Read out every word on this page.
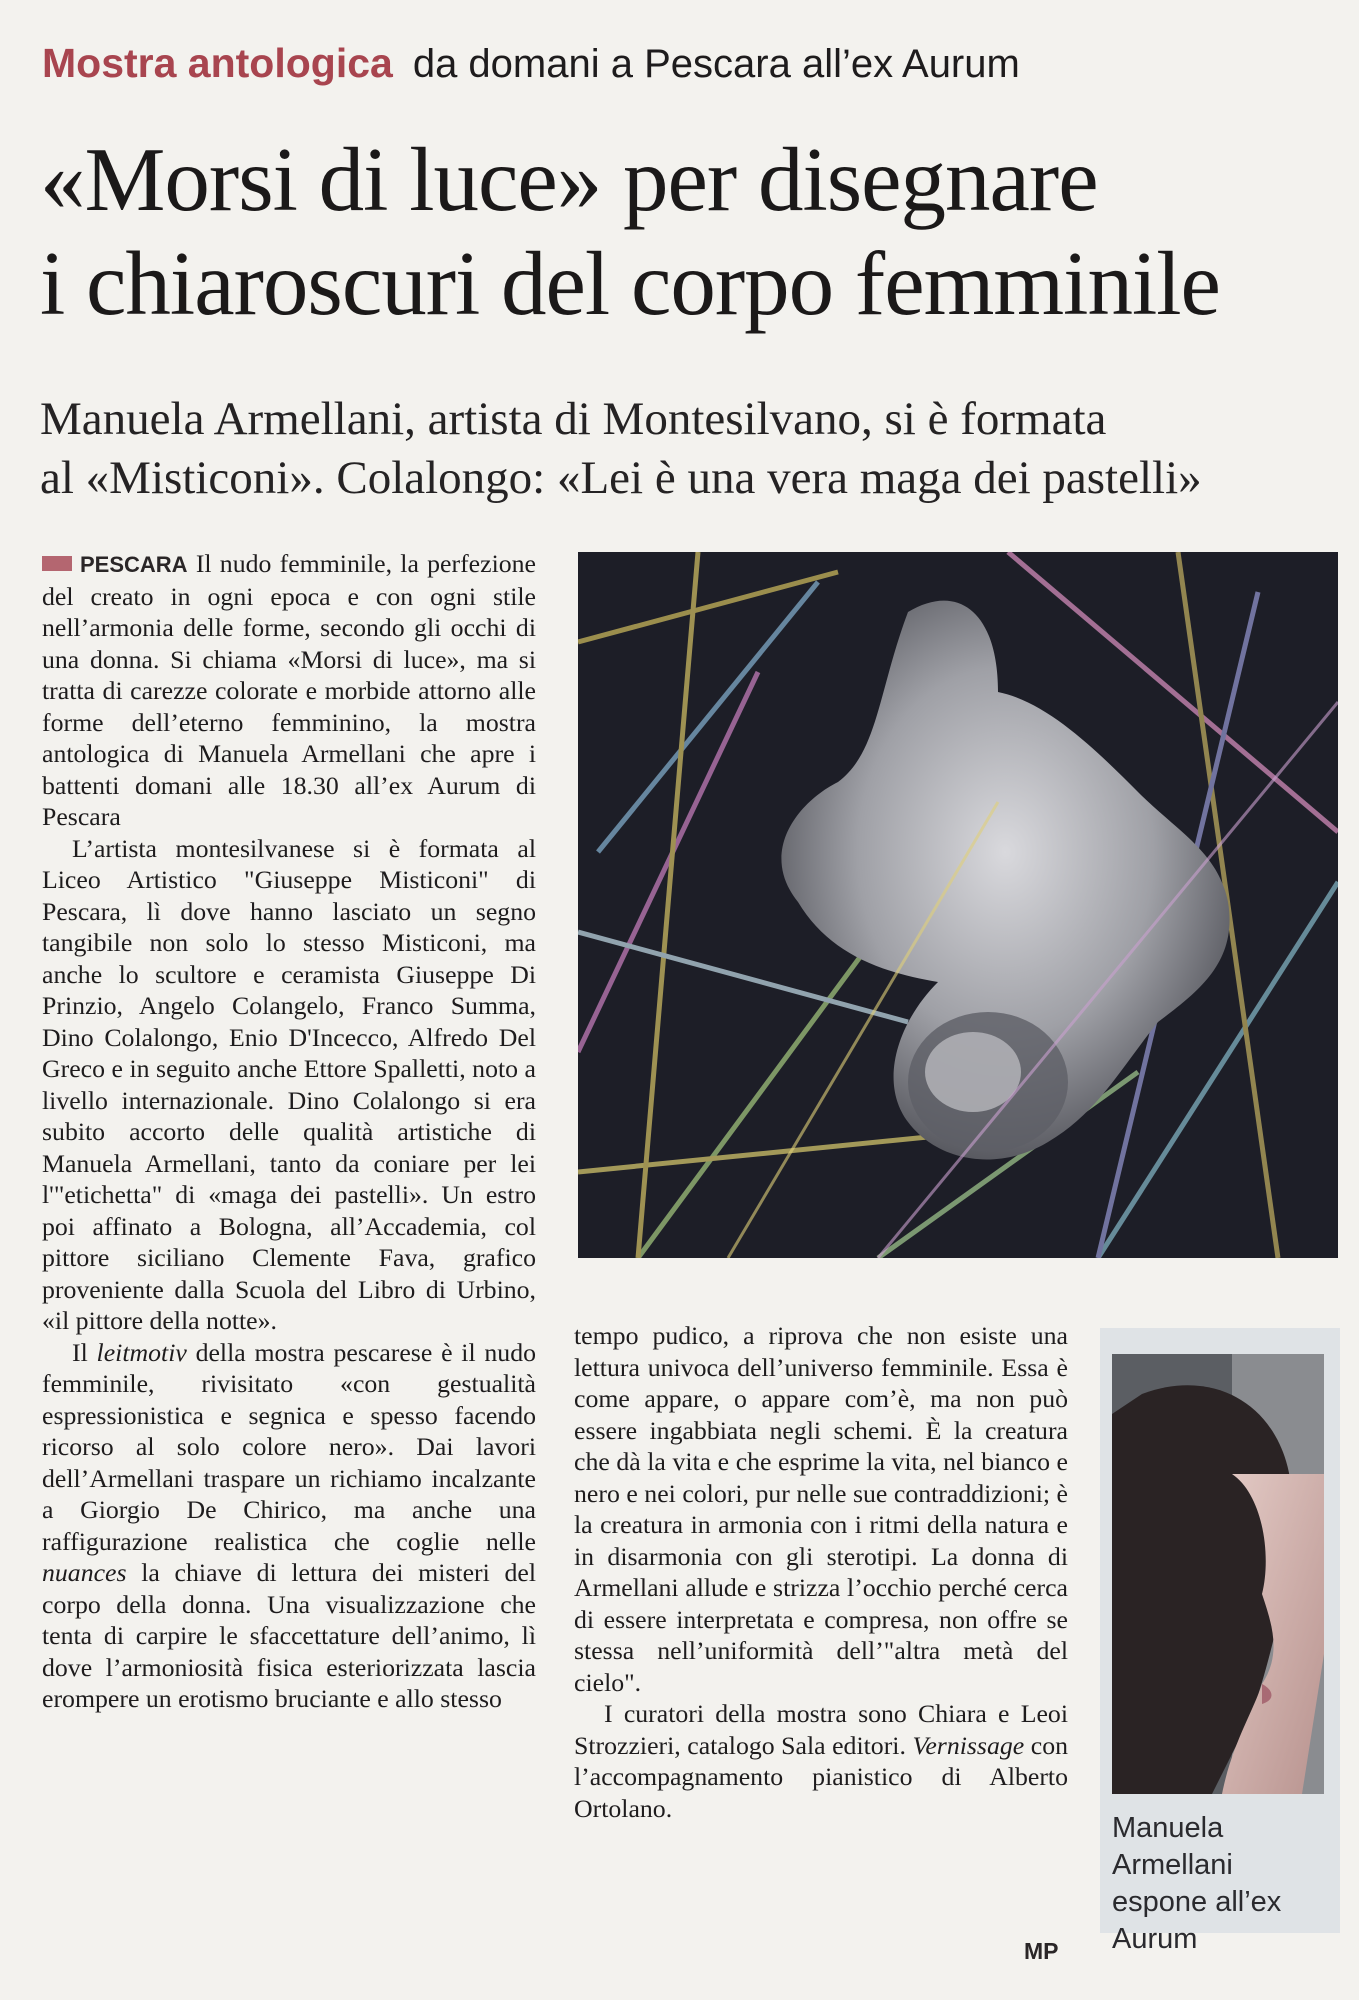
Mostra antologica da domani a Pescara all’ex Aurum
«Morsi di luce» per disegnare
i chiaroscuri del corpo femminile
Manuela Armellani, artista di Montesilvano, si è formata
al «Misticoni». Colalongo: «Lei è una vera maga dei pastelli»

PESCARA Il nudo femminile, la perfezione del creato in ogni epoca e con ogni stile nell’armonia delle forme, secondo gli occhi di una donna. Si chiama «Morsi di luce», ma si tratta di carezze colorate e morbide attorno alle forme dell’eterno femminino, la mostra antologica di Manuela Armellani che apre i battenti domani alle 18.30 all’ex Aurum di Pescara

L’artista montesilvanese si è formata al Liceo Artistico "Giuseppe Misticoni" di Pescara, lì dove hanno lasciato un segno tangibile non solo lo stesso Misticoni, ma anche lo scultore e ceramista Giuseppe Di Prinzio, Angelo Colangelo, Franco Summa, Dino Colalongo, Enio D'Incecco, Alfredo Del Greco e in seguito anche Ettore Spalletti, noto a livello internazionale. Dino Colalongo si era subito accorto delle qualità artistiche di Manuela Armellani, tanto da coniare per lei l'"etichetta" di «maga dei pastelli». Un estro poi affinato a Bologna, all’Accademia, col pittore siciliano Clemente Fava, grafico proveniente dalla Scuola del Libro di Urbino, «il pittore della notte».

Il leitmotiv della mostra pescarese è il nudo femminile, rivisitato «con gestualità espressionistica e segnica e spesso facendo ricorso al solo colore nero». Dai lavori dell’Armellani traspare un richiamo incalzante a Giorgio De Chirico, ma anche una raffigurazione realistica che coglie nelle nuances la chiave di lettura dei misteri del corpo della donna. Una visualizzazione che tenta di carpire le sfaccettature dell’animo, lì dove l’armoniosità fisica esteriorizzata lascia erompere un erotismo bruciante e allo stesso

tempo pudico, a riprova che non esiste una lettura univoca dell’universo femminile. Essa è come appare, o appare com’è, ma non può essere ingabbiata negli schemi. È la creatura che dà la vita e che esprime la vita, nel bianco e nero e nei colori, pur nelle sue contraddizioni; è la creatura in armonia con i ritmi della natura e in disarmonia con gli sterotipi. La donna di Armellani allude e strizza l’occhio perché cerca di essere interpretata e compresa, non offre se stessa nell’uniformità dell’"altra metà del cielo".

I curatori della mostra sono Chiara e Leoi Strozzieri, catalogo Sala editori. Vernissage con l’accompagnamento pianistico di Alberto Ortolano.

Manuela
Armellani
espone all’ex
Aurum
MP
